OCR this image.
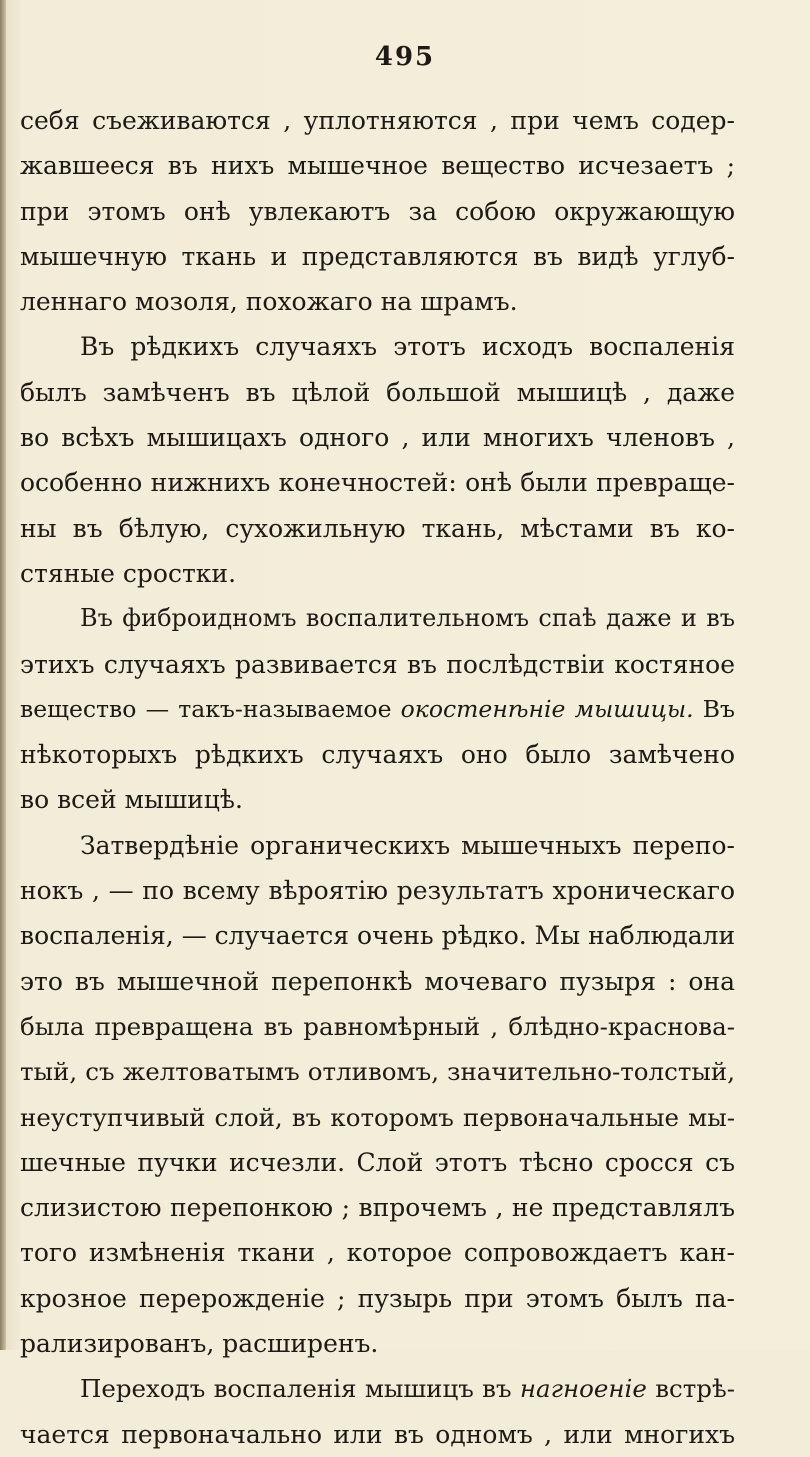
495
себя съеживаются , уплотняются , при чемъ содер-
жавшееся въ нихъ мышечное вещество исчезаетъ ;
при этомъ онѣ увлекаютъ за собою окружающую
мышечную ткань и представляются въ видѣ углуб-
леннаго мозоля, похожаго на шрамъ.
Въ рѣдкихъ случаяхъ этотъ исходъ воспаленія
былъ замѣченъ въ цѣлой большой мышицѣ , даже
во всѣхъ мышицахъ одного , или многихъ членовъ ,
особенно нижнихъ конечностей: онѣ были превраще-
ны въ бѣлую, сухожильную ткань, мѣстами въ ко-
стяные сростки.
Въ фиброидномъ воспалительномъ спаѣ даже и въ
этихъ случаяхъ развивается въ послѣдствіи костяное
вещество — такъ-называемое окостенѣніе мышицы. Въ
нѣкоторыхъ рѣдкихъ случаяхъ оно было замѣчено
во всей мышицѣ.
Затвердѣніе органическихъ мышечныхъ перепо-
нокъ , — по всему вѣроятію результатъ хроническаго
воспаленія, — случается очень рѣдко. Мы наблюдали
это въ мышечной перепонкѣ мочеваго пузыря : она
была превращена въ равномѣрный , блѣдно-краснова-
тый, съ желтоватымъ отливомъ, значительно-толстый,
неуступчивый слой, въ которомъ первоначальные мы-
шечные пучки исчезли. Слой этотъ тѣсно сросся съ
слизистою перепонкою ; впрочемъ , не представлялъ
того измѣненія ткани , которое сопровождаетъ кан-
крозное перерожденіе ; пузырь при этомъ былъ па-
рализированъ, расширенъ.
Переходъ воспаленія мышицъ въ нагноеніе встрѣ-
чается первоначально или въ одномъ , или многихъ
